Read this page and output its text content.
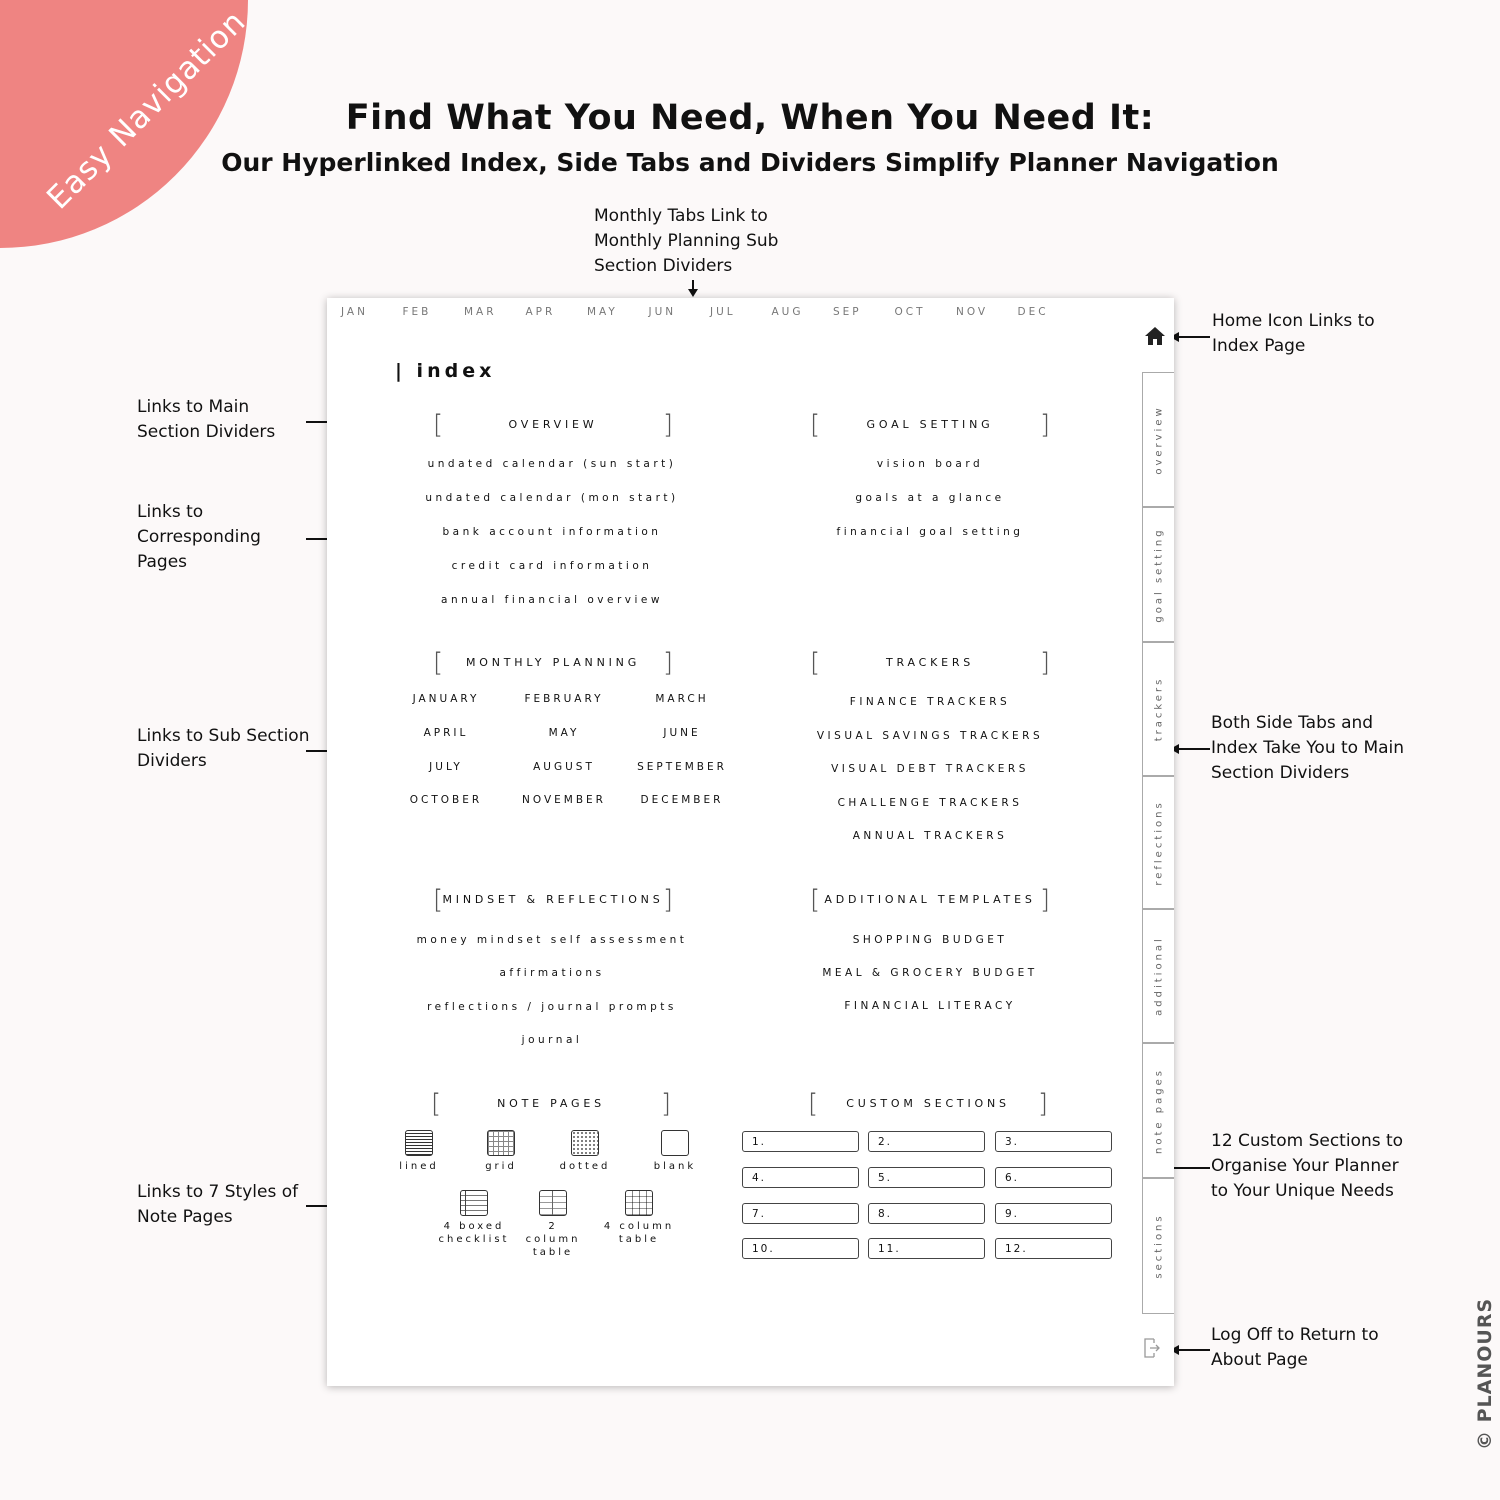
Easy Navigation	Find What You Need, When You Need It:
Our Hyperlinked Index, Side Tabs and Dividers Simplify Planner Navigation
Monthly Tabs Link to
Monthly Planning Sub
Section Dividers
Home Icon Links to
Index Page
Links to Main
Section Dividers
Links to
Corresponding
Pages
Links to Sub Section
Dividers
Both Side Tabs and
Index Take You to Main
Section Dividers
12 Custom Sections to
Organise Your Planner
to Your Unique Needs
Links to 7 Styles of
Note Pages
Log Off to Return to
About Page
JAN	FEB	MAR	APR	MAY	JUN	JUL	AUG	SEP	OCT	NOV	DEC
| index
[	]
OVERVIEW
undated calendar (sun start)
undated calendar (mon start)
bank account information
credit card information
annual financial overview
[	]
GOAL SETTING
vision board
goals at a glance
financial goal setting
[	]
MONTHLY PLANNING
JANUARY	FEBRUARY	MARCH
APRIL	MAY	JUNE
JULY	AUGUST	SEPTEMBER
OCTOBER	NOVEMBER	DECEMBER
[	]
TRACKERS
FINANCE TRACKERS
VISUAL SAVINGS TRACKERS
VISUAL DEBT TRACKERS
CHALLENGE TRACKERS
ANNUAL TRACKERS
[	]
MINDSET & REFLECTIONS
money mindset self assessment
affirmations
reflections / journal prompts
journal
[	]
ADDITIONAL TEMPLATES
SHOPPING BUDGET
MEAL & GROCERY BUDGET
FINANCIAL LITERACY
[	]
NOTE PAGES
lined	grid	dotted	blank
4 boxed checklist
2 column table
4 column table
[	]
CUSTOM SECTIONS
1.	2.	3.
4.	5.	6.
7.	8.	9.
10.	11.	12.
overview
goal setting
trackers
reflections
additional
note pages
sections
© PLANOURS
